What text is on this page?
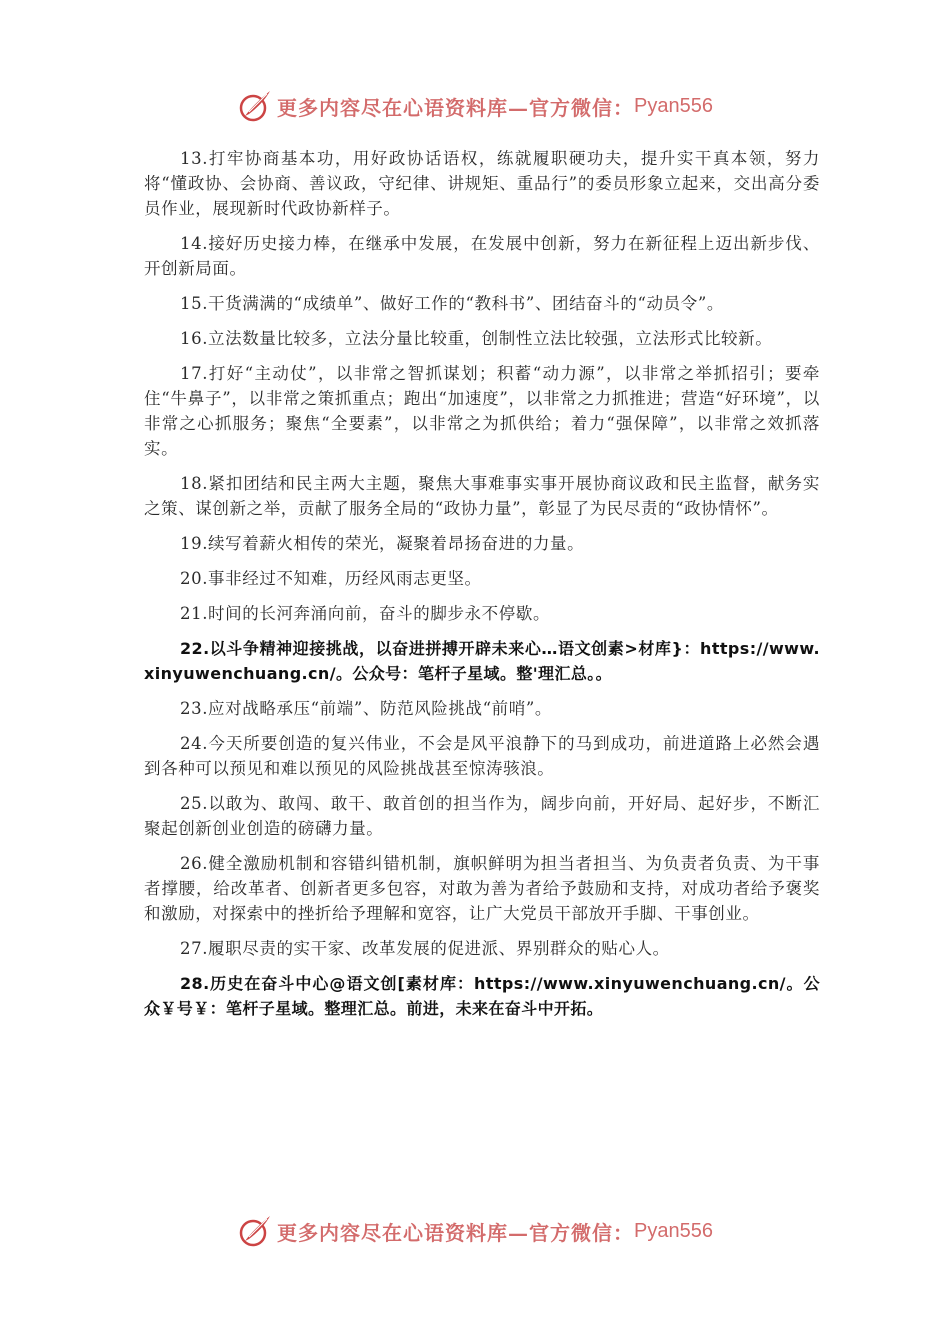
更多内容尽在心语资料库—官方微信： Pyan556

13.打牢协商基本功，用好政协话语权，练就履职硬功夫，提升实干真本领，努力将“懂政协、会协商、善议政，守纪律、讲规矩、重品行”的委员形象立起来，交出高分委员作业，展现新时代政协新样子。

14.接好历史接力棒，在继承中发展，在发展中创新，努力在新征程上迈出新步伐、开创新局面。

15.干货满满的“成绩单”、做好工作的“教科书”、团结奋斗的“动员令”。

16.立法数量比较多，立法分量比较重，创制性立法比较强，立法形式比较新。

17.打好“主动仗”，以非常之智抓谋划；积蓄“动力源”，以非常之举抓招引；要牵住“牛鼻子”，以非常之策抓重点；跑出“加速度”，以非常之力抓推进；营造“好环境”，以非常之心抓服务；聚焦“全要素”，以非常之为抓供给；着力“强保障”，以非常之效抓落实。

18.紧扣团结和民主两大主题，聚焦大事难事实事开展协商议政和民主监督，献务实之策、谋创新之举，贡献了服务全局的“政协力量”，彰显了为民尽责的“政协情怀”。

19.续写着薪火相传的荣光，凝聚着昂扬奋进的力量。

20.事非经过不知难，历经风雨志更坚。

21.时间的长河奔涌向前，奋斗的脚步永不停歇。

22.以斗争精神迎接挑战，以奋进拼搏开辟未来心…语文创素>材库}：https://www.xinyuwenchuang.cn/。公众号：笔杆子星域。整'理汇总。。

23.应对战略承压“前端”、防范风险挑战“前哨”。

24.今天所要创造的复兴伟业，不会是风平浪静下的马到成功，前进道路上必然会遇到各种可以预见和难以预见的风险挑战甚至惊涛骇浪。

25.以敢为、敢闯、敢干、敢首创的担当作为，阔步向前，开好局、起好步，不断汇聚起创新创业创造的磅礴力量。

26.健全激励机制和容错纠错机制，旗帜鲜明为担当者担当、为负责者负责、为干事者撑腰，给改革者、创新者更多包容，对敢为善为者给予鼓励和支持，对成功者给予褒奖和激励，对探索中的挫折给予理解和宽容，让广大党员干部放开手脚、干事创业。

27.履职尽责的实干家、改革发展的促进派、界别群众的贴心人。

28.历史在奋斗中心@语文创[素材库：https://www.xinyuwenchuang.cn/。公众￥号￥：笔杆子星域。整理汇总。前进，未来在奋斗中开拓。

更多内容尽在心语资料库—官方微信： Pyan556
